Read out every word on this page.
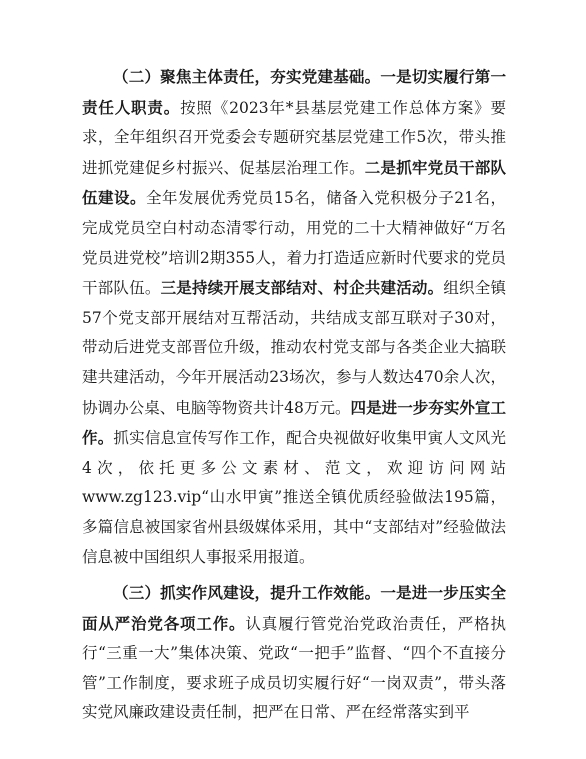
（二）聚焦主体责任，夯实党建基础。一是切实履行第一责任人职责。按照《2023年*县基层党建工作总体方案》要求，全年组织召开党委会专题研究基层党建工作5次，带头推进抓党建促乡村振兴、促基层治理工作。二是抓牢党员干部队伍建设。全年发展优秀党员15名，储备入党积极分子21名，完成党员空白村动态清零行动，用党的二十大精神做好“万名党员进党校”培训2期355人，着力打造适应新时代要求的党员干部队伍。三是持续开展支部结对、村企共建活动。组织全镇57个党支部开展结对互帮活动，共结成支部互联对子30对，带动后进党支部晋位升级，推动农村党支部与各类企业大搞联建共建活动，今年开展活动23场次，参与人数达470余人次，协调办公桌、电脑等物资共计48万元。四是进一步夯实外宣工作。抓实信息宣传写作工作，配合央视做好收集甲寅人文风光4次，依托更多公文素材、范文，欢迎访问网站www.zg123.vip“山水甲寅”推送全镇优质经验做法195篇，多篇信息被国家省州县级媒体采用，其中“支部结对”经验做法信息被中国组织人事报采用报道。

（三）抓实作风建设，提升工作效能。一是进一步压实全面从严治党各项工作。认真履行管党治党政治责任，严格执行“三重一大”集体决策、党政“一把手”监督、“四个不直接分管”工作制度，要求班子成员切实履行好“一岗双责”，带头落实党风廉政建设责任制，把严在日常、严在经常落实到平
